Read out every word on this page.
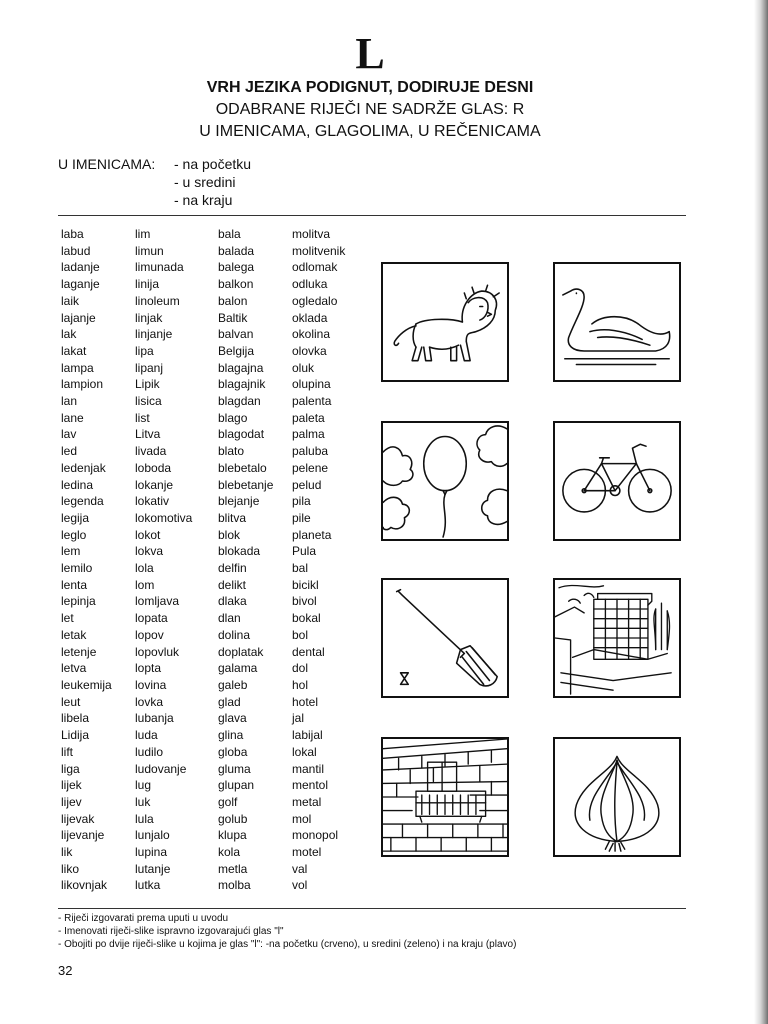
L

VRH JEZIKA PODIGNUT, DODIRUJE DESNI

ODABRANE RIJEČI NE SADRŽE GLAS: R

U IMENICAMA, GLAGOLIMA, U REČENICAMA

U IMENICAMA:	- na početku
- u sredini
- na kraju
laba
labud
ladanje
laganje
laik
lajanje
lak
lakat
lampa
lampion
lan
lane
lav
led
ledenjak
ledina
legenda
legija
leglo
lem
lemilo
lenta
lepinja
let
letak
letenje
letva
leukemija
leut
libela
Lidija
lift
liga
lijek
lijev
lijevak
lijevanje
lik
liko
likovnjak
lim
limun
limunada
linija
linoleum
linjak
linjanje
lipa
lipanj
Lipik
lisica
list
Litva
livada
loboda
lokanje
lokativ
lokomotiva
lokot
lokva
lola
lom
lomljava
lopata
lopov
lopovluk
lopta
lovina
lovka
lubanja
luda
ludilo
ludovanje
lug
luk
lula
lunjalo
lupina
lutanje
lutka
bala
balada
balega
balkon
balon
Baltik
balvan
Belgija
blagajna
blagajnik
blagdan
blago
blagodat
blato
blebetalo
blebetanje
blejanje
blitva
blok
blokada
delfin
delikt
dlaka
dlan
dolina
doplatak
galama
galeb
glad
glava
glina
globa
gluma
glupan
golf
golub
klupa
kola
metla
molba
molitva
molitvenik
odlomak
odluka
ogledalo
oklada
okolina
olovka
oluk
olupina
palenta
paleta
palma
paluba
pelene
pelud
pila
pile
planeta
Pula
bal
bicikl
bivol
bokal
bol
dental
dol
hol
hotel
jal
labijal
lokal
mantil
mentol
metal
mol
monopol
motel
val
vol
- Riječi izgovarati prema uputi u uvodu
- Imenovati riječi-slike ispravno izgovarajući glas "l"
- Obojiti po dvije riječi-slike u kojima je glas "l": -na početku (crveno), u sredini (zeleno) i na kraju (plavo)
32
